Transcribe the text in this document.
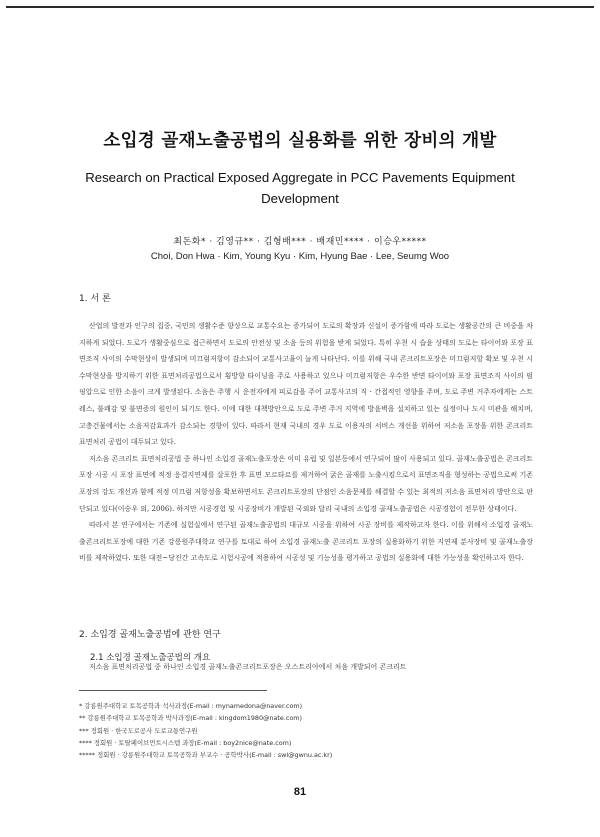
소입경 골재노출공법의 실용화를 위한 장비의 개발
Research on Practical Exposed Aggregate in PCC Pavements Equipment Development
최돈화* · 김영규** · 김형배*** · 배재민**** · 이승우*****
Choi, Don Hwa · Kim, Young Kyu · Kim, Hyung Bae · Lee, Seumg Woo
1. 서 론

산업의 발전과 인구의 집중, 국민의 생활수준 향상으로 교통수요는 증가되어 도로의 확장과 신설이 증가함에 따라 도로는 생활공간의 큰 비중을 차지하게 되었다. 도로가 생활중심으로 접근하면서 도로의 안전성 및 소음 등의 위험을 받게 되었다. 특히 우천 시 습윤 상태의 도로는 타이어와 포장 표면조직 사이의 수막현상이 발생되며 미끄럼저항이 감소되어 교통사고율이 늘게 나타난다. 이를 위해 국내 콘크리트포장은 미끄럼저항 확보 및 우천 시 수막현상을 방지하기 위한 표면처리공법으로서 횡방향 타이닝을 주로 사용하고 있으나 미끄럼저항은 우수한 반면 타이어와 포장 표면조직 사이의 펌핑압으로 인한 소음이 크게 발생된다. 소음은 주행 시 운전자에게 피로감을 주어 교통사고의 직 · 간접적인 영향을 주며, 도로 주변 거주자에게는 스트레스, 불쾌감 및 불면증의 원인이 되기도 한다. 이에 대한 대책방안으로 도로 주변 주거 지역에 방음벽을 설치하고 있는 실정이나 도시 미관을 해치며, 고층건물에서는 소음저감효과가 감소되는 경향이 있다. 따라서 현재 국내의 경우 도로 이용자의 서비스 개선을 위하여 저소음 포장을 위한 콘크리트 표면처리 공법이 대두되고 있다.

저소음 콘크리트 표면처리공법 중 하나인 소입경 골재노출포장은 이미 유럽 및 일본등에서 연구되어 많이 사용되고 있다. 골재노출공법은 콘크리트포장 시공 시 포장 표면에 적정 응결지연제를 살포한 후 표면 모르타르를 제거하여 굵은 골재를 노출시킴으로서 표면조직을 형성하는 공법으로써 기존 포장의 강도 개선과 함께 적정 미끄럼 저항성을 확보하면서도 콘크리트포장의 단점인 소음문제를 해결할 수 있는 최적의 저소음 표면처리 방안으로 판단되고 있다(이승우 외, 2006). 하지만 시공경험 및 시공장비가 개발된 국외와 달리 국내의 소입경 골재노출공법은 시공경험이 전무한 상태이다.

따라서 본 연구에서는 기존에 실험실에서 연구된 골재노출공법의 대규모 시공을 위하여 시공 장비를 제작하고자 한다. 이를 위해서 소입경 골재노출콘크리트포장에 대한 기존 강릉원주대학교 연구를 토대로 하여 소입경 골재노출 콘크리트 포장의 실용화하기 위한 지연제 분사장비 및 골재노출장비를 제작하였다. 또한 대전~당진간 고속도로 시험시공에 적용하여 시공성 및 기능성을 평가하고 공법의 실용화에 대한 가능성을 확인하고자 한다.

2. 소입경 골재노출공법에 관한 연구
2.1 소입경 골재노출공법의 개요

저소음 표면처리공법 중 하나인 소입경 골재노출콘크리트포장은 오스트리아에서 처음 개발되어 콘크리트

* 강릉원주대학교 토목공학과 석사과정(E-mail : mynamedona@naver.com)
** 강릉원주대학교 토목공학과 박사과정(E-mail : kingdom1980@nate.com)
*** 정회원 · 한국도로공사 도로교통연구원
**** 정회원 · 토탈페이브먼트시스템 과장(E-mail : boy2nice@nate.com)
***** 정회원 · 강릉원주대학교 토목공학과 부교수 · 공학박사(E-mail : swl@gwnu.ac.kr)
81
